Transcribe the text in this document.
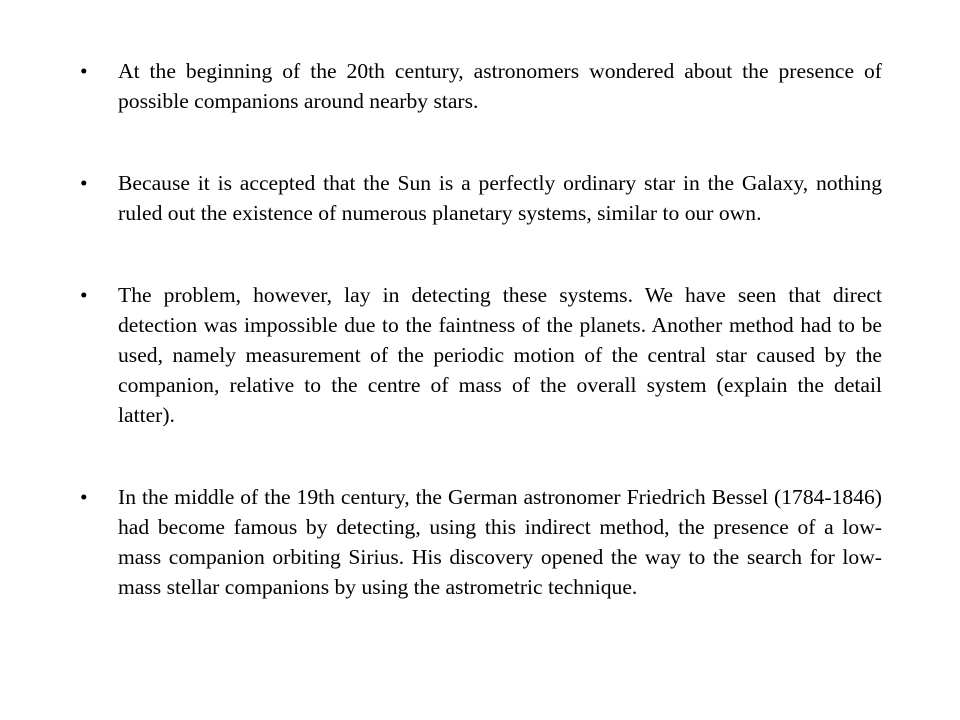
•	At the beginning of the 20th century, astronomers wondered about the presence of possible companions around nearby stars.
•	Because it is accepted that the Sun is a perfectly ordinary star in the Galaxy, nothing ruled out the existence of numerous planetary systems, similar to our own.
•	The problem, however, lay in detecting these systems. We have seen that direct detection was impossible due to the faintness of the planets. Another method had to be used, namely measurement of the periodic motion of the central star caused by the companion, relative to the centre of mass of the overall system (explain the detail latter).
•	In the middle of the 19th century, the German astronomer Friedrich Bessel (1784-1846) had become famous by detecting, using this indirect method, the presence of a low-mass companion orbiting Sirius. His discovery opened the way to the search for low-mass stellar companions by using the astrometric technique.
